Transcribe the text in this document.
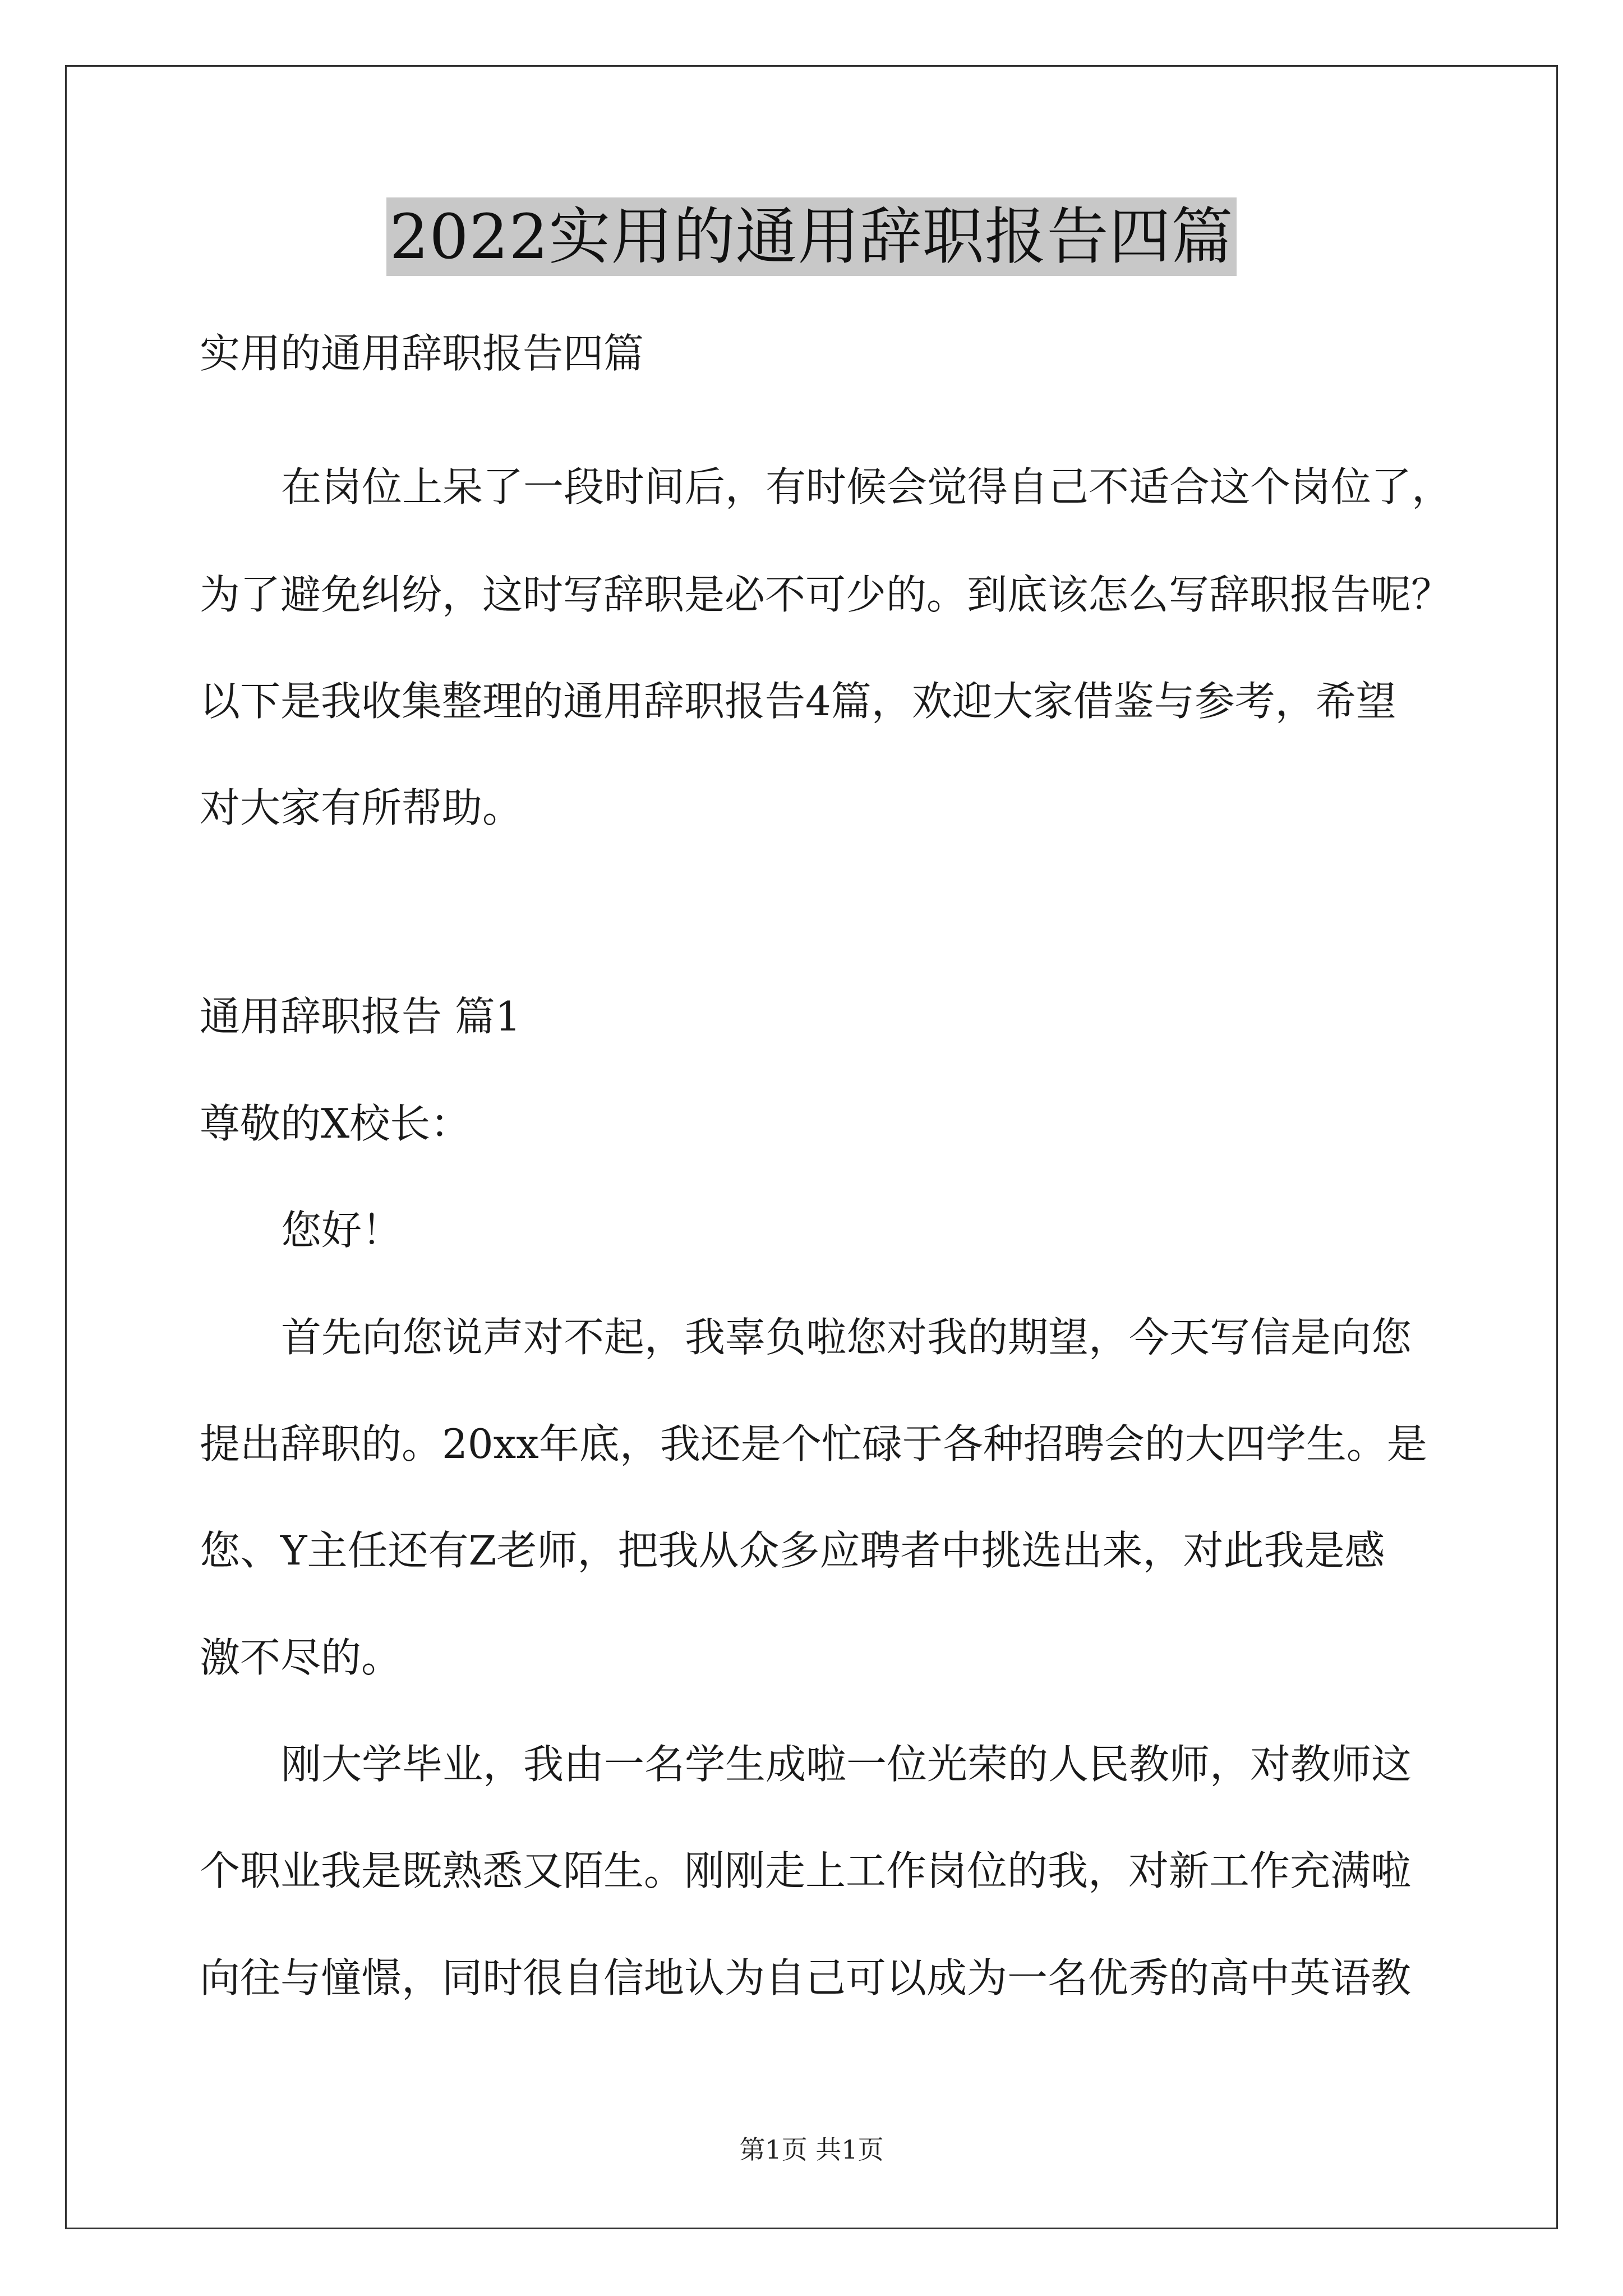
2022实用的通用辞职报告四篇
实用的通用辞职报告四篇
在岗位上呆了一段时间后，有时候会觉得自己不适合这个岗位了，
为了避免纠纷，这时写辞职是必不可少的。到底该怎么写辞职报告呢？
以下是我收集整理的通用辞职报告4篇，欢迎大家借鉴与参考，希望
对大家有所帮助。
通用辞职报告 篇1
尊敬的X校长：
您好！
首先向您说声对不起，我辜负啦您对我的期望，今天写信是向您
提出辞职的。20xx年底，我还是个忙碌于各种招聘会的大四学生。是
您、Y主任还有Z老师，把我从众多应聘者中挑选出来，对此我是感
激不尽的。
刚大学毕业，我由一名学生成啦一位光荣的人民教师，对教师这
个职业我是既熟悉又陌生。刚刚走上工作岗位的我，对新工作充满啦
向往与憧憬，同时很自信地认为自己可以成为一名优秀的高中英语教
第1页 共1页
